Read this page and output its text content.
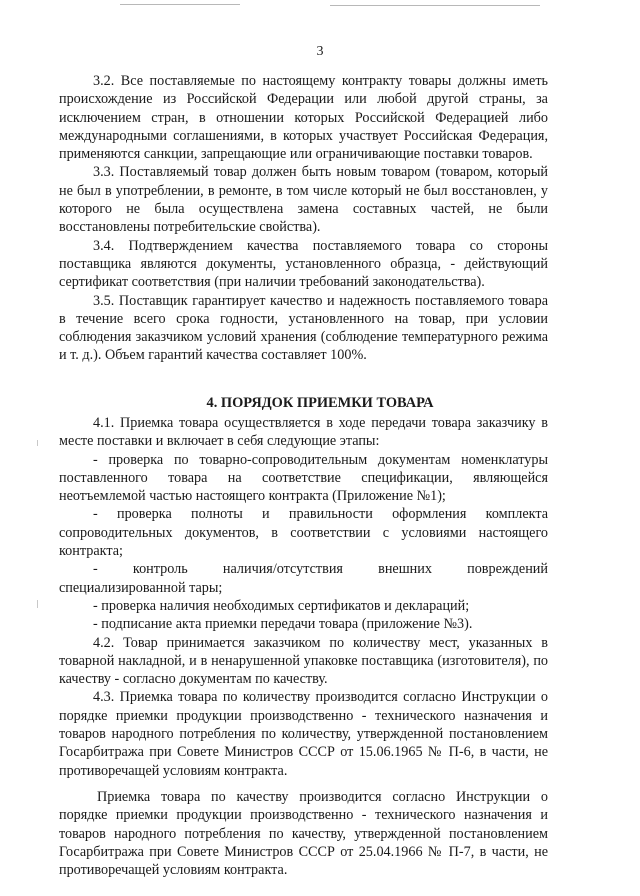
3

3.2. Все поставляемые по настоящему контракту товары должны иметь происхождение из Российской Федерации или любой другой страны, за исключением стран, в отношении которых Российской Федерацией либо международными соглашениями, в которых участвует Российская Федерация, применяются санкции, запрещающие или ограничивающие поставки товаров.

3.3. Поставляемый товар должен быть новым товаром (товаром, который не был в употреблении, в ремонте, в том числе который не был восстановлен, у которого не была осуществлена замена составных частей, не были восстановлены потребительские свойства).

3.4. Подтверждением качества поставляемого товара со стороны поставщика являются документы, установленного образца, - действующий сертификат соответствия (при наличии требований законодательства).

3.5. Поставщик гарантирует качество и надежность поставляемого товара в течение всего срока годности, установленного на товар, при условии соблюдения заказчиком условий хранения (соблюдение температурного режима и т. д.). Объем гарантий качества составляет 100%.

4. ПОРЯДОК ПРИЕМКИ ТОВАРА

4.1. Приемка товара осуществляется в ходе передачи товара заказчику в месте поставки и включает в себя следующие этапы:

- проверка по товарно-сопроводительным документам номенклатуры поставленного товара на соответствие спецификации, являющейся неотъемлемой частью настоящего контракта (Приложение №1);

- проверка полноты и правильности оформления комплекта сопроводительных документов, в соответствии с условиями настоящего контракта;

- контроль наличия/отсутствия внешних повреждений специализированной тары;

- проверка наличия необходимых сертификатов и деклараций;

- подписание акта приемки передачи товара (приложение №3).

4.2. Товар принимается заказчиком по количеству мест, указанных в товарной накладной, и в ненарушенной упаковке поставщика (изготовителя), по качеству - согласно документам по качеству.

4.3. Приемка товара по количеству производится согласно Инструкции о порядке приемки продукции производственно - технического назначения и товаров народного потребления по количеству, утвержденной постановлением Госарбитража при Совете Министров СССР от 15.06.1965 № П-6, в части, не противоречащей условиям контракта.

Приемка товара по качеству производится согласно Инструкции о порядке приемки продукции производственно - технического назначения и товаров народного потребления по качеству, утвержденной постановлением Госарбитража при Совете Министров СССР от 25.04.1966 № П-7, в части, не противоречащей условиям контракта.
